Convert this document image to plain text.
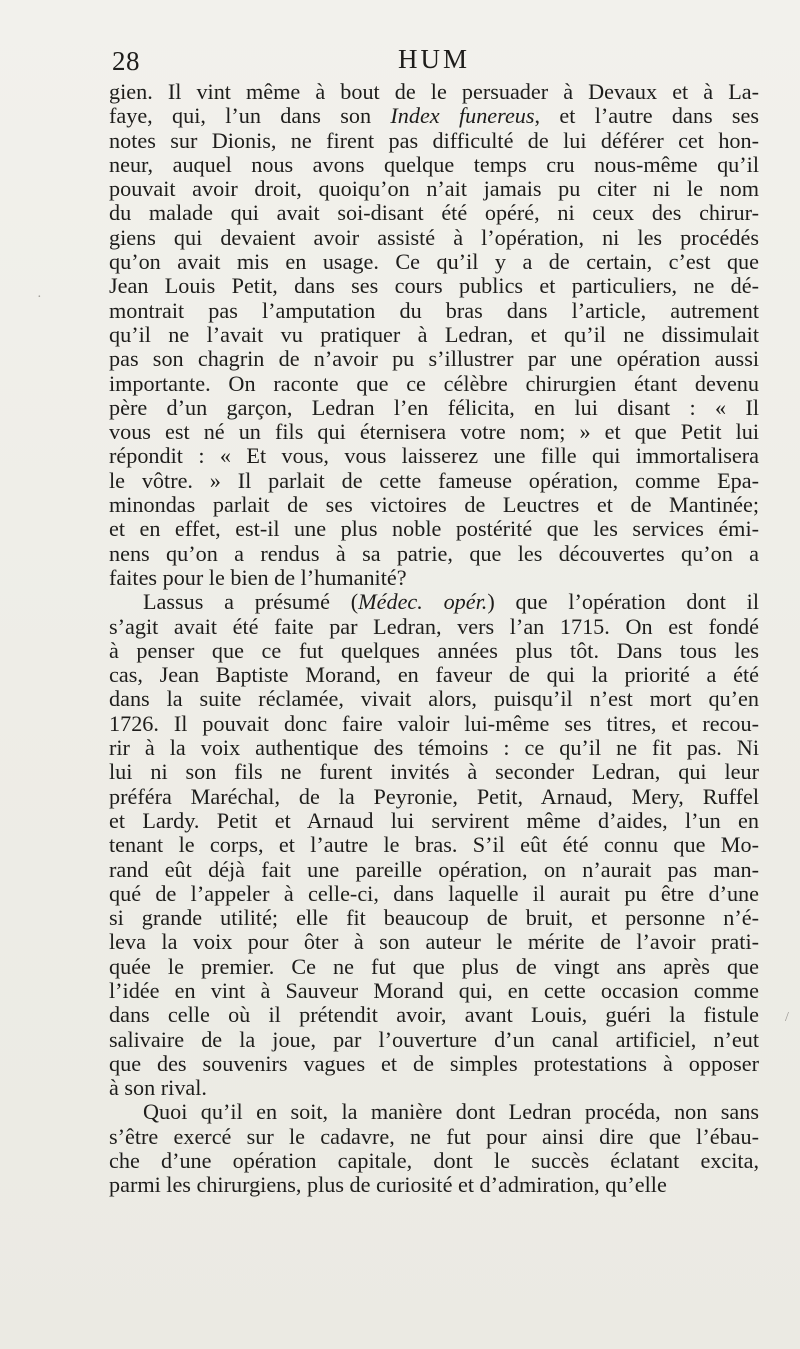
28	HUM
gien. Il vint même à bout de le persuader à Devaux et à La-
faye, qui, l’un dans son Index funereus, et l’autre dans ses
notes sur Dionis, ne firent pas difficulté de lui déférer cet hon-
neur, auquel nous avons quelque temps cru nous-même qu’il
pouvait avoir droit, quoiqu’on n’ait jamais pu citer ni le nom
du malade qui avait soi-disant été opéré, ni ceux des chirur-
giens qui devaient avoir assisté à l’opération, ni les procédés
qu’on avait mis en usage. Ce qu’il y a de certain, c’est que
Jean Louis Petit, dans ses cours publics et particuliers, ne dé-
montrait pas l’amputation du bras dans l’article, autrement
qu’il ne l’avait vu pratiquer à Ledran, et qu’il ne dissimulait
pas son chagrin de n’avoir pu s’illustrer par une opération aussi
importante. On raconte que ce célèbre chirurgien étant devenu
père d’un garçon, Ledran l’en félicita, en lui disant : « Il
vous est né un fils qui éternisera votre nom; » et que Petit lui
répondit : « Et vous, vous laisserez une fille qui immortalisera
le vôtre. » Il parlait de cette fameuse opération, comme Epa-
minondas parlait de ses victoires de Leuctres et de Mantinée;
et en effet, est-il une plus noble postérité que les services émi-
nens qu’on a rendus à sa patrie, que les découvertes qu’on a
faites pour le bien de l’humanité?
Lassus a présumé (Médec. opér.) que l’opération dont il
s’agit avait été faite par Ledran, vers l’an 1715. On est fondé
à penser que ce fut quelques années plus tôt. Dans tous les
cas, Jean Baptiste Morand, en faveur de qui la priorité a été
dans la suite réclamée, vivait alors, puisqu’il n’est mort qu’en
1726. Il pouvait donc faire valoir lui-même ses titres, et recou-
rir à la voix authentique des témoins : ce qu’il ne fit pas. Ni
lui ni son fils ne furent invités à seconder Ledran, qui leur
préféra Maréchal, de la Peyronie, Petit, Arnaud, Mery, Ruffel
et Lardy. Petit et Arnaud lui servirent même d’aides, l’un en
tenant le corps, et l’autre le bras. S’il eût été connu que Mo-
rand eût déjà fait une pareille opération, on n’aurait pas man-
qué de l’appeler à celle-ci, dans laquelle il aurait pu être d’une
si grande utilité; elle fit beaucoup de bruit, et personne n’é-
leva la voix pour ôter à son auteur le mérite de l’avoir prati-
quée le premier. Ce ne fut que plus de vingt ans après que
l’idée en vint à Sauveur Morand qui, en cette occasion comme
dans celle où il prétendit avoir, avant Louis, guéri la fistule
salivaire de la joue, par l’ouverture d’un canal artificiel, n’eut
que des souvenirs vagues et de simples protestations à opposer
à son rival.
Quoi qu’il en soit, la manière dont Ledran procéda, non sans
s’être exercé sur le cadavre, ne fut pour ainsi dire que l’ébau-
che d’une opération capitale, dont le succès éclatant excita,
parmi les chirurgiens, plus de curiosité et d’admiration, qu’elle
·
/
